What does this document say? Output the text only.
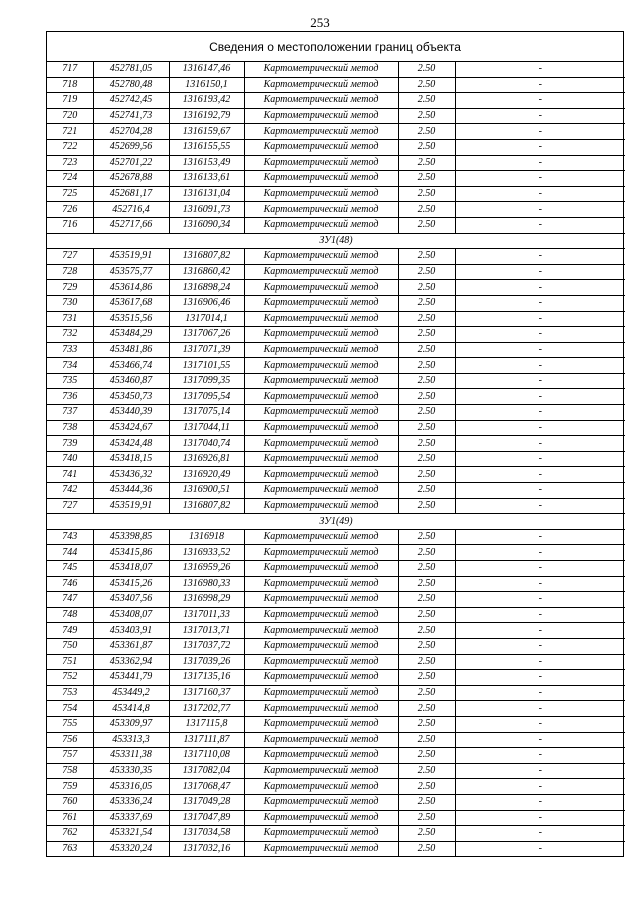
253
Сведения о местоположении границ объекта
717	452781,05	1316147,46	Картометрический метод	2.50	-
718	452780,48	1316150,1	Картометрический метод	2.50	-
719	452742,45	1316193,42	Картометрический метод	2.50	-
720	452741,73	1316192,79	Картометрический метод	2.50	-
721	452704,28	1316159,67	Картометрический метод	2.50	-
722	452699,56	1316155,55	Картометрический метод	2.50	-
723	452701,22	1316153,49	Картометрический метод	2.50	-
724	452678,88	1316133,61	Картометрический метод	2.50	-
725	452681,17	1316131,04	Картометрический метод	2.50	-
726	452716,4	1316091,73	Картометрический метод	2.50	-
716	452717,66	1316090,34	Картометрический метод	2.50	-
ЗУ1(48)					
727	453519,91	1316807,82	Картометрический метод	2.50	-
728	453575,77	1316860,42	Картометрический метод	2.50	-
729	453614,86	1316898,24	Картометрический метод	2.50	-
730	453617,68	1316906,46	Картометрический метод	2.50	-
731	453515,56	1317014,1	Картометрический метод	2.50	-
732	453484,29	1317067,26	Картометрический метод	2.50	-
733	453481,86	1317071,39	Картометрический метод	2.50	-
734	453466,74	1317101,55	Картометрический метод	2.50	-
735	453460,87	1317099,35	Картометрический метод	2.50	-
736	453450,73	1317095,54	Картометрический метод	2.50	-
737	453440,39	1317075,14	Картометрический метод	2.50	-
738	453424,67	1317044,11	Картометрический метод	2.50	-
739	453424,48	1317040,74	Картометрический метод	2.50	-
740	453418,15	1316926,81	Картометрический метод	2.50	-
741	453436,32	1316920,49	Картометрический метод	2.50	-
742	453444,36	1316900,51	Картометрический метод	2.50	-
727	453519,91	1316807,82	Картометрический метод	2.50	-
ЗУ1(49)					
743	453398,85	1316918	Картометрический метод	2.50	-
744	453415,86	1316933,52	Картометрический метод	2.50	-
745	453418,07	1316959,26	Картометрический метод	2.50	-
746	453415,26	1316980,33	Картометрический метод	2.50	-
747	453407,56	1316998,29	Картометрический метод	2.50	-
748	453408,07	1317011,33	Картометрический метод	2.50	-
749	453403,91	1317013,71	Картометрический метод	2.50	-
750	453361,87	1317037,72	Картометрический метод	2.50	-
751	453362,94	1317039,26	Картометрический метод	2.50	-
752	453441,79	1317135,16	Картометрический метод	2.50	-
753	453449,2	1317160,37	Картометрический метод	2.50	-
754	453414,8	1317202,77	Картометрический метод	2.50	-
755	453309,97	1317115,8	Картометрический метод	2.50	-
756	453313,3	1317111,87	Картометрический метод	2.50	-
757	453311,38	1317110,08	Картометрический метод	2.50	-
758	453330,35	1317082,04	Картометрический метод	2.50	-
759	453316,05	1317068,47	Картометрический метод	2.50	-
760	453336,24	1317049,28	Картометрический метод	2.50	-
761	453337,69	1317047,89	Картометрический метод	2.50	-
762	453321,54	1317034,58	Картометрический метод	2.50	-
763	453320,24	1317032,16	Картометрический метод	2.50	-
